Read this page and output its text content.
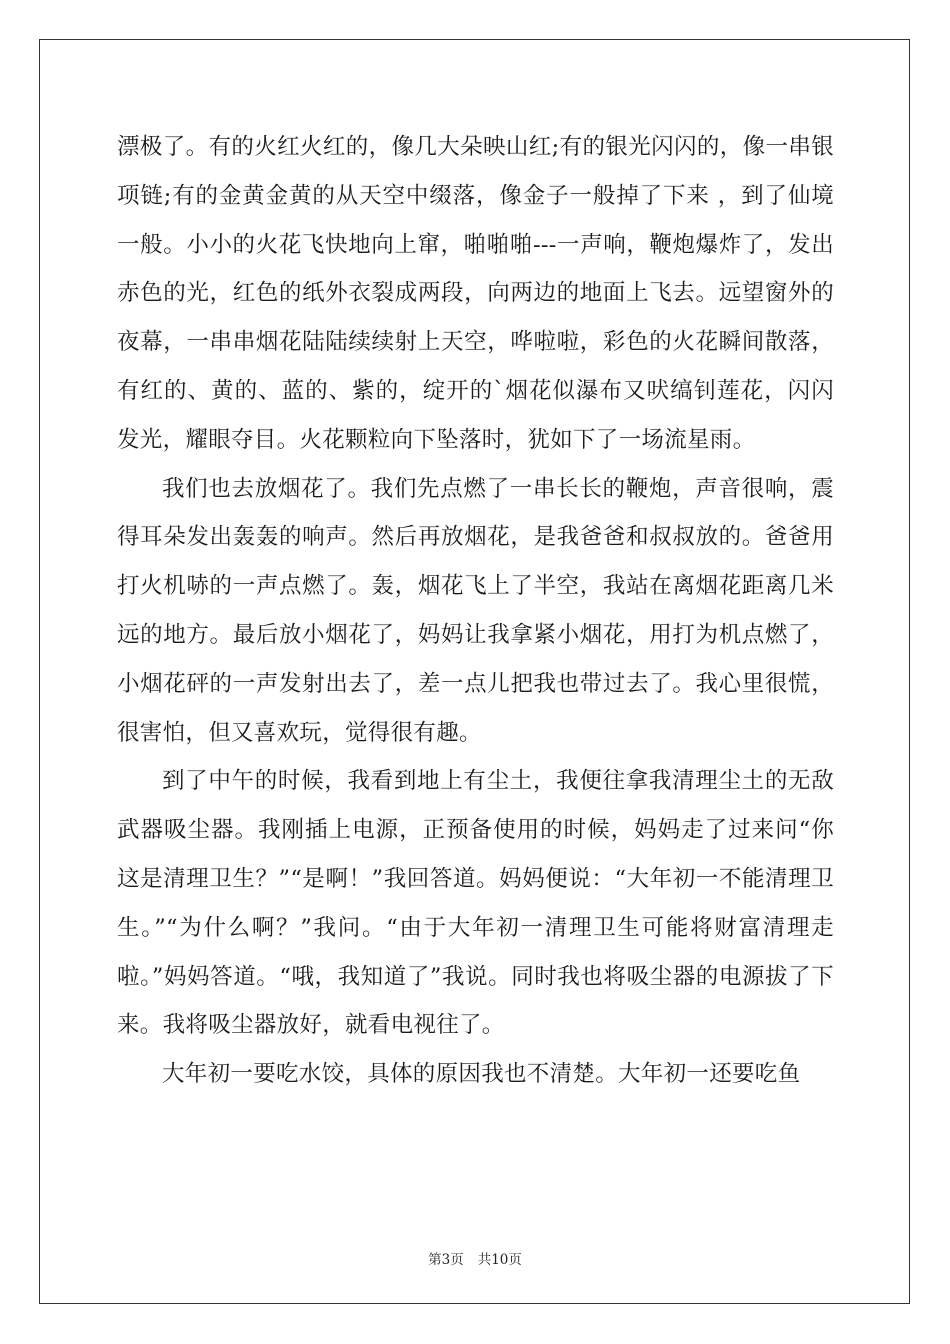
漂极了。有的火红火红的，像几大朵映山红;有的银光闪闪的，像一串银项链;有的金黄金黄的从天空中缀落，像金子一般掉了下来 ，到了仙境一般。小小的火花飞快地向上窜，啪啪啪---一声响，鞭炮爆炸了，发出赤色的光，红色的纸外衣裂成两段，向两边的地面上飞去。远望窗外的夜幕，一串串烟花陆陆续续射上天空，哗啦啦，彩色的火花瞬间散落，有红的、黄的、蓝的、紫的，绽开的`烟花似瀑布又吠缟钊莲花，闪闪发光，耀眼夺目。火花颗粒向下坠落时，犹如下了一场流星雨。

我们也去放烟花了。我们先点燃了一串长长的鞭炮，声音很响，震得耳朵发出轰轰的响声。然后再放烟花，是我爸爸和叔叔放的。爸爸用打火机哧的一声点燃了。轰，烟花飞上了半空，我站在离烟花距离几米远的地方。最后放小烟花了，妈妈让我拿紧小烟花，用打为机点燃了，小烟花砰的一声发射出去了，差一点儿把我也带过去了。我心里很慌，很害怕，但又喜欢玩，觉得很有趣。

到了中午的时候，我看到地上有尘土，我便往拿我清理尘土的无敌武器吸尘器。我刚插上电源，正预备使用的时候，妈妈走了过来问“你这是清理卫生？”“是啊！”我回答道。妈妈便说：“大年初一不能清理卫生。”“为什么啊？”我问。“由于大年初一清理卫生可能将财富清理走啦。”妈妈答道。“哦，我知道了”我说。同时我也将吸尘器的电源拔了下来。我将吸尘器放好，就看电视往了。

大年初一要吃水饺，具体的原因我也不清楚。大年初一还要吃鱼

第3页 共10页
